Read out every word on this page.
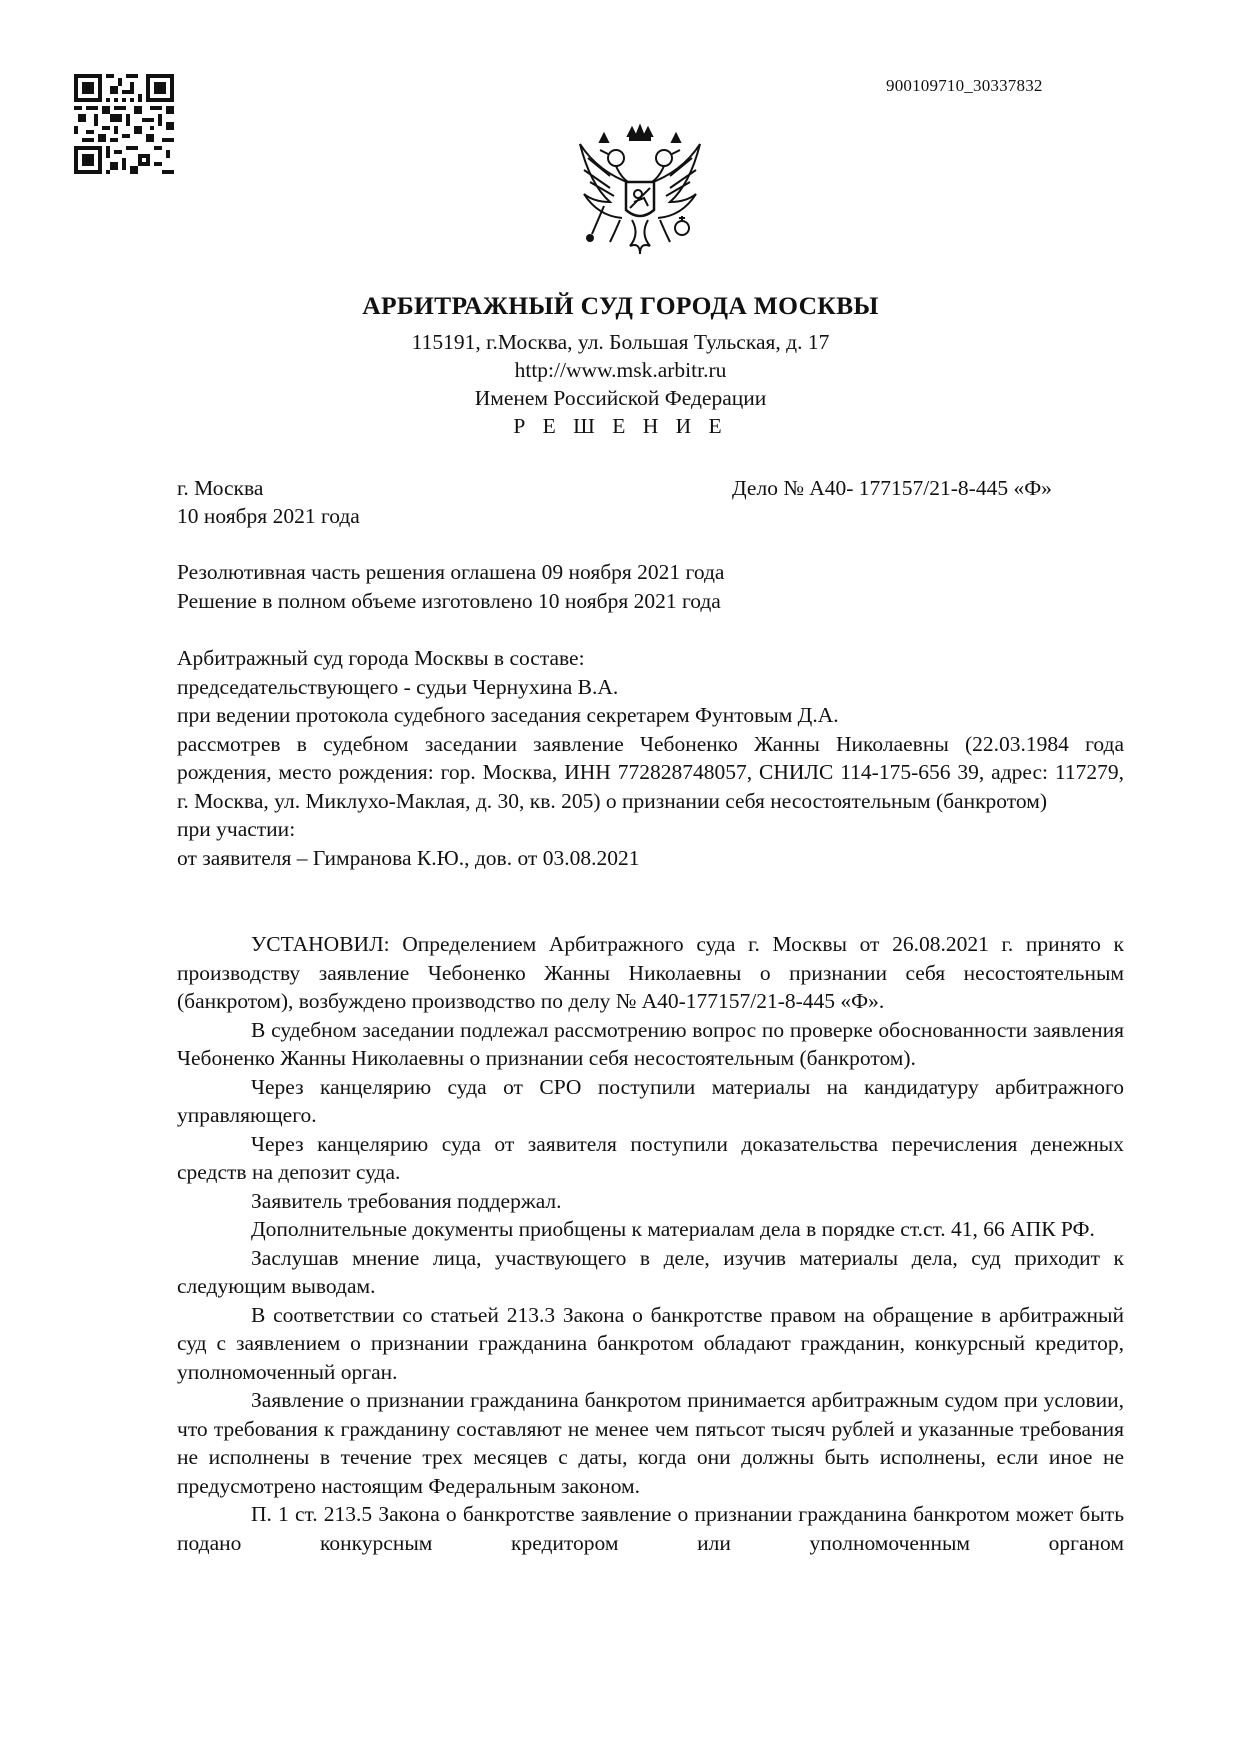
900109710_30337832
АРБИТРАЖНЫЙ СУД ГОРОДА МОСКВЫ
115191, г.Москва, ул. Большая Тульская, д. 17
http://www.msk.arbitr.ru
Именем Российской Федерации
Р Е Ш Е Н И Е
г. Москва	Дело № А40- 177157/21-8-445 «Ф»
10 ноября 2021 года

Резолютивная часть решения оглашена 09 ноября 2021 года

Решение в полном объеме изготовлено 10 ноября 2021 года

Арбитражный суд города Москвы в составе:

председательствующего - судьи Чернухина В.А.

при ведении протокола судебного заседания секретарем Фунтовым Д.А.

рассмотрев в судебном заседании заявление Чебоненко Жанны Николаевны (22.03.1984 года рождения, место рождения: гор. Москва, ИНН 772828748057, СНИЛС 114-175-656 39, адрес: 117279, г. Москва, ул. Миклухо-Маклая, д. 30, кв. 205) о признании себя несостоятельным (банкротом)

при участии:

от заявителя – Гимранова К.Ю., дов. от 03.08.2021

УСТАНОВИЛ: Определением Арбитражного суда г. Москвы от 26.08.2021 г. принято к производству заявление Чебоненко Жанны Николаевны о признании себя несостоятельным (банкротом), возбуждено производство по делу № А40-177157/21-8-445 «Ф».

В судебном заседании подлежал рассмотрению вопрос по проверке обоснованности заявления Чебоненко Жанны Николаевны о признании себя несостоятельным (банкротом).

Через канцелярию суда от СРО поступили материалы на кандидатуру арбитражного управляющего.

Через канцелярию суда от заявителя поступили доказательства перечисления денежных средств на депозит суда.

Заявитель требования поддержал.

Дополнительные документы приобщены к материалам дела в порядке ст.ст. 41, 66 АПК РФ.

Заслушав мнение лица, участвующего в деле, изучив материалы дела, суд приходит к следующим выводам.

В соответствии со статьей 213.3 Закона о банкротстве правом на обращение в арбитражный суд с заявлением о признании гражданина банкротом обладают гражданин, конкурсный кредитор, уполномоченный орган.

Заявление о признании гражданина банкротом принимается арбитражным судом при условии, что требования к гражданину составляют не менее чем пятьсот тысяч рублей и указанные требования не исполнены в течение трех месяцев с даты, когда они должны быть исполнены, если иное не предусмотрено настоящим Федеральным законом.

П. 1 ст. 213.5 Закона о банкротстве заявление о признании гражданина банкротом может быть подано конкурсным кредитором или уполномоченным органом
